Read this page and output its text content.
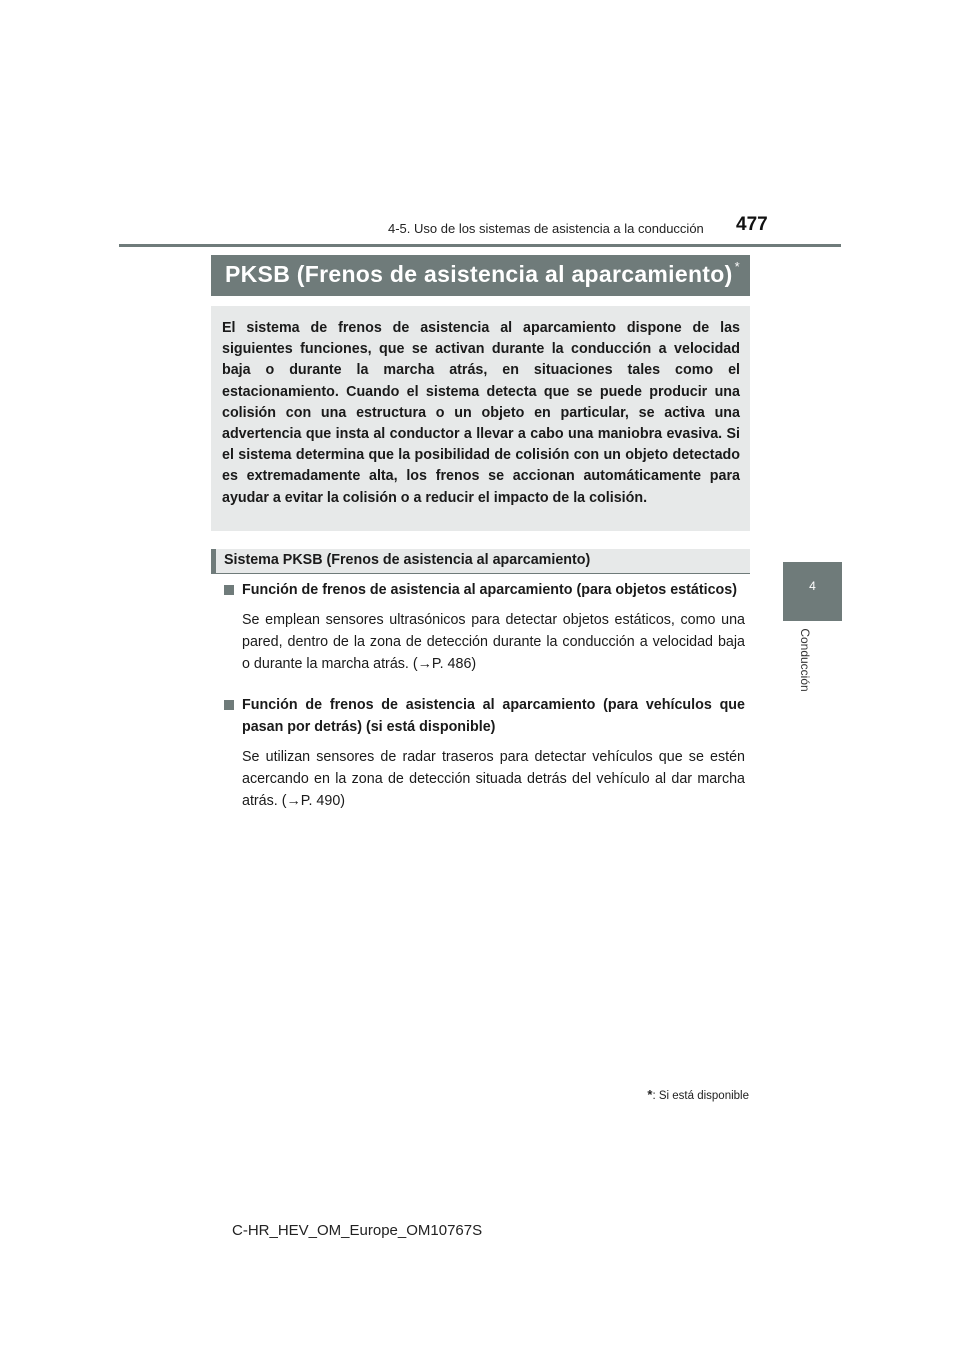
4-5. Uso de los sistemas de asistencia a la conducción 477
4
Conducción
PKSB (Frenos de asistencia al aparcamiento) *
El sistema de frenos de asistencia al aparcamiento dispone de las siguientes funciones, que se activan durante la conducción a velocidad baja o durante la marcha atrás, en situaciones tales como el estacionamiento. Cuando el sistema detecta que se puede producir una colisión con una estructura o un objeto en particular, se activa una advertencia que insta al conductor a llevar a cabo una maniobra evasiva. Si el sistema determina que la posibilidad de colisión con un objeto detectado es extremadamente alta, los frenos se accionan automáticamente para ayudar a evitar la colisión o a reducir el impacto de la colisión.
Sistema PKSB (Frenos de asistencia al aparcamiento)
Función de frenos de asistencia al aparcamiento (para objetos estáticos)
Se emplean sensores ultrasónicos para detectar objetos estáticos, como una pared, dentro de la zona de detección durante la conducción a velocidad baja o durante la marcha atrás. (→P. 486)
Función de frenos de asistencia al aparcamiento (para vehículos que pasan por detrás) (si está disponible)
Se utilizan sensores de radar traseros para detectar vehículos que se estén acercando en la zona de detección situada detrás del vehículo al dar marcha atrás. (→P. 490)
*: Si está disponible
C-HR_HEV_OM_Europe_OM10767S
